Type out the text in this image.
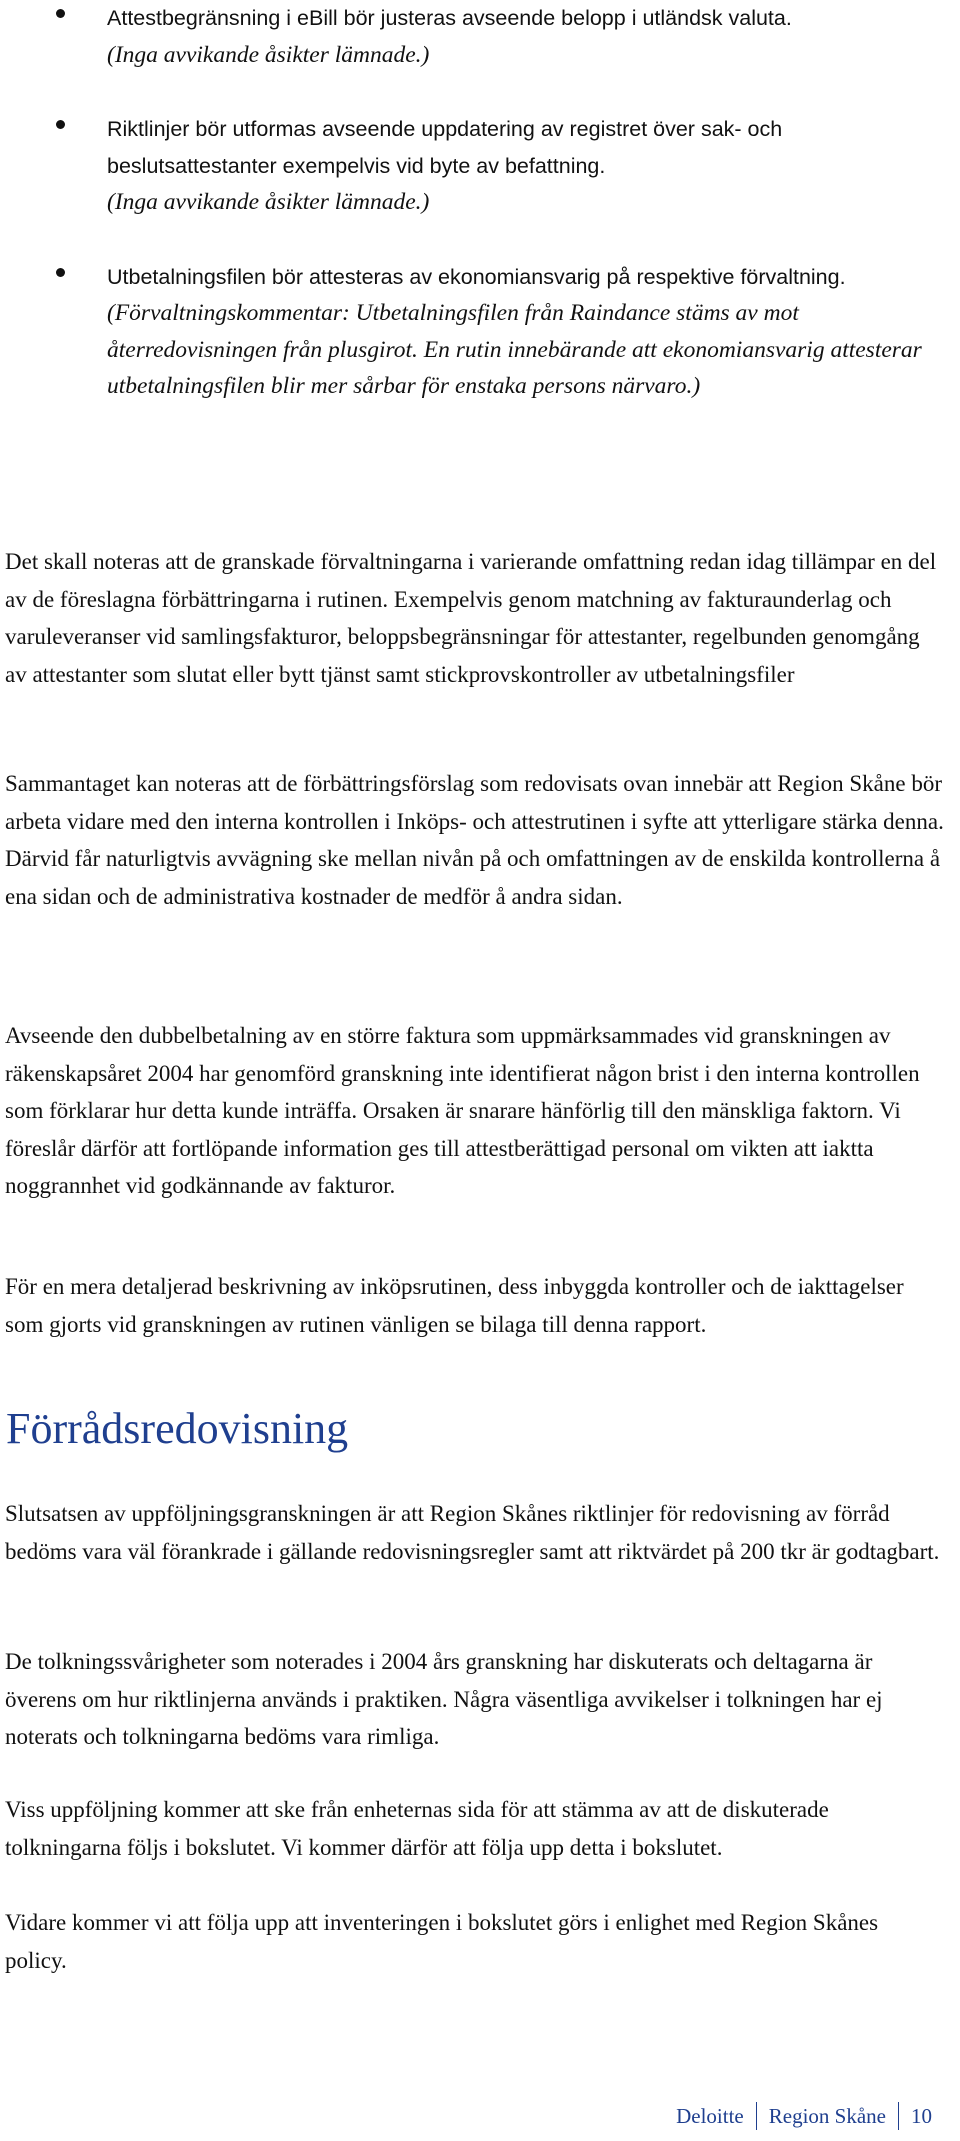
Attestbegränsning i eBill bör justeras avseende belopp i utländsk valuta.
(Inga avvikande åsikter lämnade.)
Riktlinjer bör utformas avseende uppdatering av registret över sak- och beslutsattestanter exempelvis vid byte av befattning.
(Inga avvikande åsikter lämnade.)
Utbetalningsfilen bör attesteras av ekonomiansvarig på respektive förvaltning.
(Förvaltningskommentar: Utbetalningsfilen från Raindance stäms av mot återredovisningen från plusgirot. En rutin innebärande att ekonomiansvarig attesterar utbetalningsfilen blir mer sårbar för enstaka persons närvaro.)

Det skall noteras att de granskade förvaltningarna i varierande omfattning redan idag tillämpar en del av de föreslagna förbättringarna i rutinen. Exempelvis genom matchning av fakturaunderlag och varuleveranser vid samlingsfakturor, beloppsbegränsningar för attestanter, regelbunden genomgång av attestanter som slutat eller bytt tjänst samt stickprovskontroller av utbetalningsfiler

Sammantaget kan noteras att de förbättringsförslag som redovisats ovan innebär att Region Skåne bör arbeta vidare med den interna kontrollen i Inköps- och attestrutinen i syfte att ytterligare stärka denna. Därvid får naturligtvis avvägning ske mellan nivån på och omfattningen av de enskilda kontrollerna å ena sidan och de administrativa kostnader de medför å andra sidan.

Avseende den dubbelbetalning av en större faktura som uppmärksammades vid granskningen av räkenskapsåret 2004 har genomförd granskning inte identifierat någon brist i den interna kontrollen som förklarar hur detta kunde inträffa. Orsaken är snarare hänförlig till den mänskliga faktorn. Vi föreslår därför att fortlöpande information ges till attestberättigad personal om vikten att iaktta noggrannhet vid godkännande av fakturor.

För en mera detaljerad beskrivning av inköpsrutinen, dess inbyggda kontroller och de iakttagelser som gjorts vid granskningen av rutinen vänligen se bilaga till denna rapport.

Förrådsredovisning

Slutsatsen av uppföljningsgranskningen är att Region Skånes riktlinjer för redovisning av förråd bedöms vara väl förankrade i gällande redovisningsregler samt att riktvärdet på 200 tkr är godtagbart.

De tolkningssvårigheter som noterades i 2004 års granskning har diskuterats och deltagarna är överens om hur riktlinjerna används i praktiken. Några väsentliga avvikelser i tolkningen har ej noterats och tolkningarna bedöms vara rimliga.

Viss uppföljning kommer att ske från enheternas sida för att stämma av att de diskuterade tolkningarna följs i bokslutet. Vi kommer därför att följa upp detta i bokslutet.

Vidare kommer vi att följa upp att inventeringen i bokslutet görs i enlighet med Region Skånes policy.

Deloitte Region Skåne 10
